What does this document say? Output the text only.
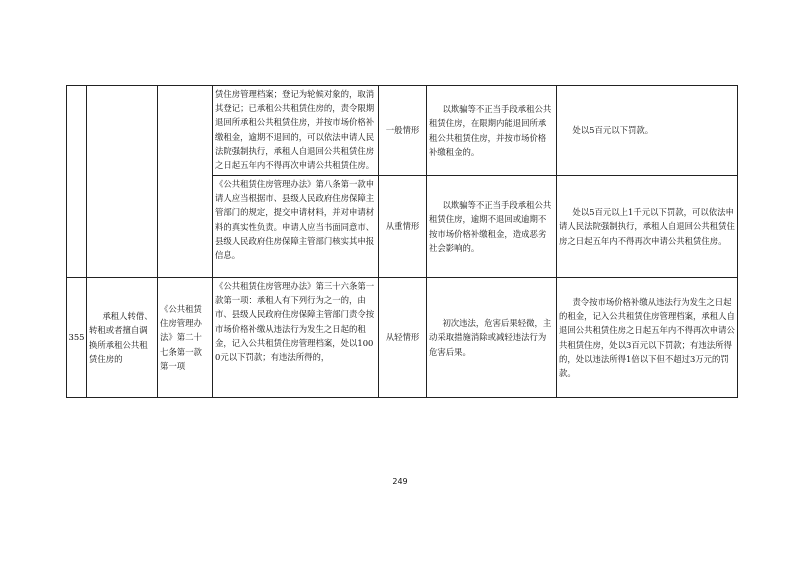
			赁住房管理档案；登记为轮候对象的，取消其登记；已承租公共租赁住房的，责令限期退回所承租公共租赁住房，并按市场价格补缴租金，逾期不退回的，可以依法申请人民法院强制执行，承租人自退回公共租赁住房之日起五年内不得再次申请公共租赁住房。	一般情形	以欺骗等不正当手段承租公共租赁住房，在限期内能退回所承租公共租赁住房，并按市场价格补缴租金的。	处以5百元以下罚款。
			《公共租赁住房管理办法》第八条第一款申请人应当根据市、县级人民政府住房保障主管部门的规定，提交申请材料，并对申请材料的真实性负责。申请人应当书面同意市、县级人民政府住房保障主管部门核实其申报信息。	从重情形	以欺骗等不正当手段承租公共租赁住房，逾期不退回或逾期不按市场价格补缴租金，造成恶劣社会影响的。	处以5百元以上1千元以下罚款，可以依法申请人民法院强制执行，承租人自退回公共租赁住房之日起五年内不得再次申请公共租赁住房。
355	承租人转借、转租或者擅自调换所承租公共租赁住房的	《公共租赁住房管理办法》第二十七条第一款第一项	《公共租赁住房管理办法》第三十六条第一款第一项：承租人有下列行为之一的，由市、县级人民政府住房保障主管部门责令按市场价格补缴从违法行为发生之日起的租金，记入公共租赁住房管理档案，处以1000元以下罚款；有违法所得的，	从轻情形	初次违法，危害后果轻微，主动采取措施消除或减轻违法行为危害后果。	责令按市场价格补缴从违法行为发生之日起的租金，记入公共租赁住房管理档案，承租人自退回公共租赁住房之日起五年内不得再次申请公共租赁住房，处以3百元以下罚款；有违法所得的，处以违法所得1倍以下但不超过3万元的罚款。
249
